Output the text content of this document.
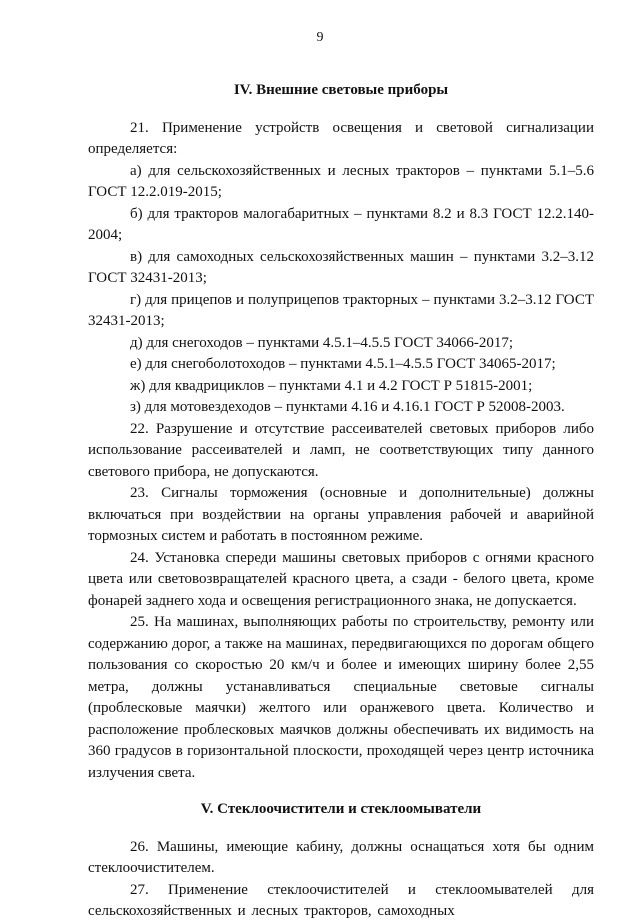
9
IV. Внешние световые приборы

21. Применение устройств освещения и световой сигнализации определяется:

а) для сельскохозяйственных и лесных тракторов – пунктами 5.1–5.6 ГОСТ 12.2.019-2015;

б) для тракторов малогабаритных – пунктами 8.2 и 8.3 ГОСТ 12.2.140-2004;

в) для самоходных сельскохозяйственных машин – пунктами 3.2–3.12 ГОСТ 32431-2013;

г) для прицепов и полуприцепов тракторных – пунктами 3.2–3.12 ГОСТ 32431-2013;

д) для снегоходов – пунктами 4.5.1–4.5.5 ГОСТ 34066-2017;

е) для снегоболотоходов – пунктами 4.5.1–4.5.5 ГОСТ 34065-2017;

ж) для квадрициклов – пунктами 4.1 и 4.2 ГОСТ Р 51815-2001;

з) для мотовездеходов – пунктами 4.16 и 4.16.1 ГОСТ Р 52008-2003.

22. Разрушение и отсутствие рассеивателей световых приборов либо использование рассеивателей и ламп, не соответствующих типу данного светового прибора, не допускаются.

23. Сигналы торможения (основные и дополнительные) должны включаться при воздействии на органы управления рабочей и аварийной тормозных систем и работать в постоянном режиме.

24. Установка спереди машины световых приборов с огнями красного цвета или световозвращателей красного цвета, а сзади - белого цвета, кроме фонарей заднего хода и освещения регистрационного знака, не допускается.

25. На машинах, выполняющих работы по строительству, ремонту или содержанию дорог, а также на машинах, передвигающихся по дорогам общего пользования со скоростью 20 км/ч и более и имеющих ширину более 2,55 метра, должны устанавливаться специальные световые сигналы (проблесковые маячки) желтого или оранжевого цвета. Количество и расположение проблесковых маячков должны обеспечивать их видимость на 360 градусов в горизонтальной плоскости, проходящей через центр источника излучения света.

V. Стеклоочистители и стеклоомыватели

26. Машины, имеющие кабину, должны оснащаться хотя бы одним стеклоочистителем.

27. Применение стеклоочистителей и стеклоомывателей для сельскохозяйственных и лесных тракторов, самоходных
